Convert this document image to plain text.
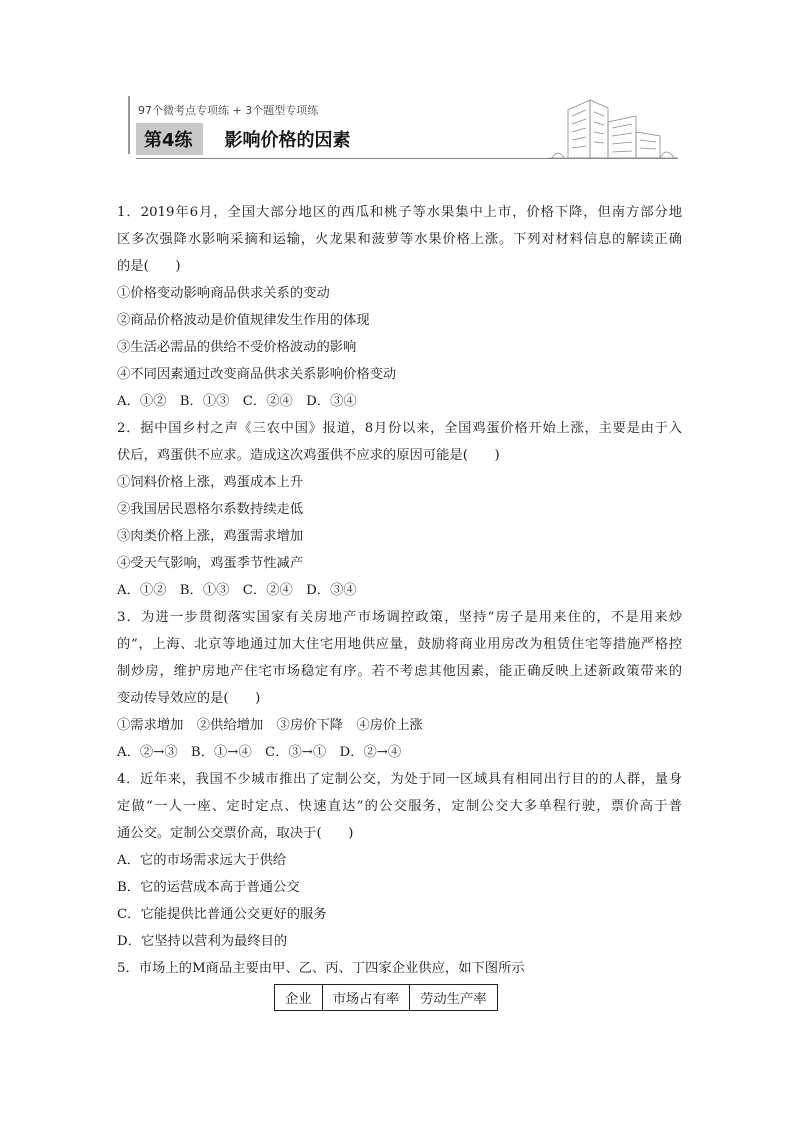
97个微考点专项练 + 3个题型专项练
第4练	影响价格的因素
1．2019年6月，全国大部分地区的西瓜和桃子等水果集中上市，价格下降，但南方部分地
区多次强降水影响采摘和运输，火龙果和菠萝等水果价格上涨。下列对材料信息的解读正确
的是(　　)
①价格变动影响商品供求关系的变动
②商品价格波动是价值规律发生作用的体现
③生活必需品的供给不受价格波动的影响
④不同因素通过改变商品供求关系影响价格变动
A．①②　B．①③　C．②④　D．③④
2．据中国乡村之声《三农中国》报道，8月份以来，全国鸡蛋价格开始上涨，主要是由于入
伏后，鸡蛋供不应求。造成这次鸡蛋供不应求的原因可能是(　　)
①饲料价格上涨，鸡蛋成本上升
②我国居民恩格尔系数持续走低
③肉类价格上涨，鸡蛋需求增加
④受天气影响，鸡蛋季节性减产
A．①②　B．①③　C．②④　D．③④
3．为进一步贯彻落实国家有关房地产市场调控政策，坚持“房子是用来住的，不是用来炒
的”，上海、北京等地通过加大住宅用地供应量，鼓励将商业用房改为租赁住宅等措施严格控
制炒房，维护房地产住宅市场稳定有序。若不考虑其他因素，能正确反映上述新政策带来的
变动传导效应的是(　　)
①需求增加　②供给增加　③房价下降　④房价上涨
A．②→③　B．①→④　C．③→①　D．②→④
4．近年来，我国不少城市推出了定制公交，为处于同一区域具有相同出行目的的人群，量身
定做“一人一座、定时定点、快速直达”的公交服务，定制公交大多单程行驶，票价高于普
通公交。定制公交票价高，取决于(　　)
A．它的市场需求远大于供给
B．它的运营成本高于普通公交
C．它能提供比普通公交更好的服务
D．它坚持以营利为最终目的
5．市场上的M商品主要由甲、乙、丙、丁四家企业供应，如下图所示
企业	市场占有率	劳动生产率
